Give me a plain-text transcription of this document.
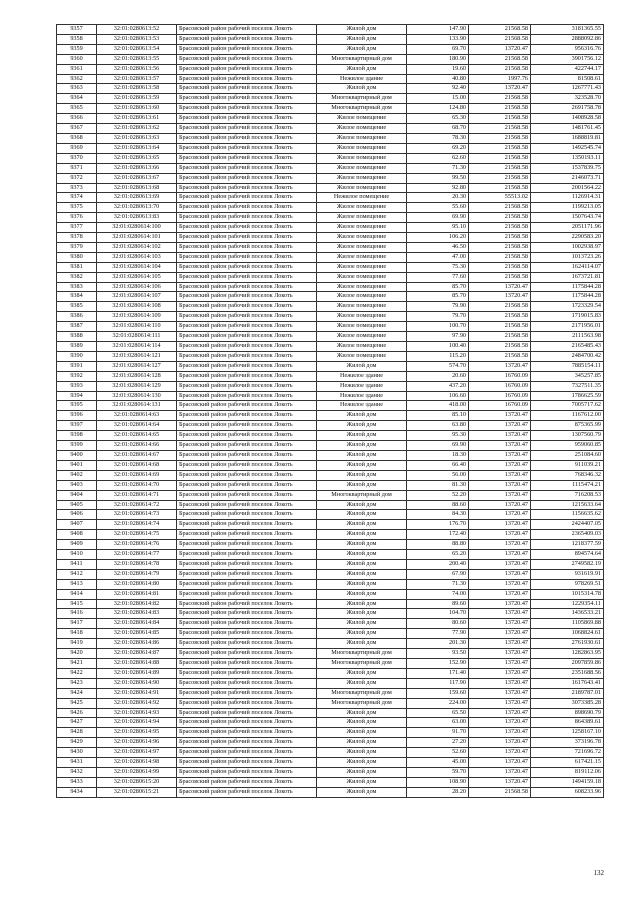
9357	32:01:0280613:52	Брасовский район рабочий поселок Локоть	Жилой дом	147.90	21568.58	3181365.55
9358	32:01:0280613:53	Брасовский район рабочий поселок Локоть	Жилой дом	133.90	21568.58	2888092.86
9359	32:01:0280613:54	Брасовский район рабочий поселок Локоть	Жилой дом	69.70	13720.47	956316.76
9360	32:01:0280613:55	Брасовский район рабочий поселок Локоть	Многоквартирный дом	180.90	21568.58	3901756.12
9361	32:01:0280613:56	Брасовский район рабочий поселок Локоть	Жилой дом	19.60	21568.58	422744.17
9362	32:01:0280613:57	Брасовский район рабочий поселок Локоть	Нежилое здание	40.80	1997.76	81508.61
9363	32:01:0280613:58	Брасовский район рабочий поселок Локоть	Жилой дом	92.40	13720.47	1267771.43
9364	32:01:0280613:59	Брасовский район рабочий поселок Локоть	Многоквартирный дом	15.00	21568.58	323528.70
9365	32:01:0280613:60	Брасовский район рабочий поселок Локоть	Многоквартирный дом	124.80	21568.58	2691758.78
9366	32:01:0280613:61	Брасовский район рабочий поселок Локоть	Жилое помещение	65.30	21568.58	1408928.58
9367	32:01:0280613:62	Брасовский район рабочий поселок Локоть	Жилое помещение	68.70	21568.58	1481761.45
9368	32:01:0280613:63	Брасовский район рабочий поселок Локоть	Жилое помещение	78.30	21568.58	1688819.81
9369	32:01:0280613:64	Брасовский район рабочий поселок Локоть	Жилое помещение	69.20	21568.58	1492545.74
9370	32:01:0280613:65	Брасовский район рабочий поселок Локоть	Жилое помещение	62.60	21568.58	1350193.11
9371	32:01:0280613:66	Брасовский район рабочий поселок Локоть	Жилое помещение	71.30	21568.58	1537839.75
9372	32:01:0280613:67	Брасовский район рабочий поселок Локоть	Жилое помещение	99.50	21568.58	2146073.71
9373	32:01:0280613:68	Брасовский район рабочий поселок Локоть	Жилое помещение	92.80	21568.58	2001564.22
9374	32:01:0280613:69	Брасовский район рабочий поселок Локоть	Нежилое помещение	20.30	55513.02	1126914.31
9375	32:01:0280613:70	Брасовский район рабочий поселок Локоть	Жилое помещение	55.60	21568.58	1199213.05
9376	32:01:0280613:83	Брасовский район рабочий поселок Локоть	Жилое помещение	69.90	21568.58	1507643.74
9377	32:01:0280614:100	Брасовский район рабочий поселок Локоть	Жилое помещение	95.10	21568.58	2051171.96
9378	32:01:0280614:101	Брасовский район рабочий поселок Локоть	Жилое помещение	106.20	21568.58	2290583.20
9379	32:01:0280614:102	Брасовский район рабочий поселок Локоть	Жилое помещение	46.50	21568.58	1002938.97
9380	32:01:0280614:103	Брасовский район рабочий поселок Локоть	Жилое помещение	47.00	21568.58	1013723.26
9381	32:01:0280614:104	Брасовский район рабочий поселок Локоть	Жилое помещение	75.30	21568.58	1624114.07
9382	32:01:0280614:105	Брасовский район рабочий поселок Локоть	Жилое помещение	77.60	21568.58	1673721.81
9383	32:01:0280614:106	Брасовский район рабочий поселок Локоть	Жилое помещение	85.70	13720.47	1175844.28
9384	32:01:0280614:107	Брасовский район рабочий поселок Локоть	Жилое помещение	85.70	13720.47	1175844.28
9385	32:01:0280614:108	Брасовский район рабочий поселок Локоть	Жилое помещение	79.90	21568.58	1723329.54
9386	32:01:0280614:109	Брасовский район рабочий поселок Локоть	Жилое помещение	79.70	21568.58	1719015.83
9387	32:01:0280614:110	Брасовский район рабочий поселок Локоть	Жилое помещение	100.70	21568.58	2171956.01
9388	32:01:0280614:111	Брасовский район рабочий поселок Локоть	Жилое помещение	97.90	21568.58	2111563.98
9389	32:01:0280614:114	Брасовский район рабочий поселок Локоть	Жилое помещение	100.40	21568.58	2165485.43
9390	32:01:0280614:121	Брасовский район рабочий поселок Локоть	Жилое помещение	115.20	21568.58	2484700.42
9391	32:01:0280614:127	Брасовский район рабочий поселок Локоть	Жилой дом	574.70	13720.47	7885154.11
9392	32:01:0280614:128	Брасовский район рабочий поселок Локоть	Нежилое здание	20.60	16760.09	345257.85
9393	32:01:0280614:129	Брасовский район рабочий поселок Локоть	Нежилое здание	437.20	16760.09	7327511.35
9394	32:01:0280614:130	Брасовский район рабочий поселок Локоть	Нежилое здание	106.60	16760.09	1786625.59
9395	32:01:0280614:131	Брасовский район рабочий поселок Локоть	Нежилое здание	418.00	16760.09	7005717.62
9396	32:01:0280614:63	Брасовский район рабочий поселок Локоть	Жилой дом	85.10	13720.47	1167612.00
9397	32:01:0280614:64	Брасовский район рабочий поселок Локоть	Жилой дом	63.80	13720.47	875365.99
9398	32:01:0280614:65	Брасовский район рабочий поселок Локоть	Жилой дом	95.30	13720.47	1307560.79
9399	32:01:0280614:66	Брасовский район рабочий поселок Локоть	Жилой дом	69.90	13720.47	959060.85
9400	32:01:0280614:67	Брасовский район рабочий поселок Локоть	Жилой дом	18.30	13720.47	251084.60
9401	32:01:0280614:68	Брасовский район рабочий поселок Локоть	Жилой дом	66.40	13720.47	911039.21
9402	32:01:0280614:69	Брасовский район рабочий поселок Локоть	Жилой дом	56.00	13720.47	768346.32
9403	32:01:0280614:70	Брасовский район рабочий поселок Локоть	Жилой дом	81.30	13720.47	1115474.21
9404	32:01:0280614:71	Брасовский район рабочий поселок Локоть	Многоквартирный дом	52.20	13720.47	716208.53
9405	32:01:0280614:72	Брасовский район рабочий поселок Локоть	Жилой дом	88.60	13720.47	1215633.64
9406	32:01:0280614:73	Брасовский район рабочий поселок Локоть	Жилой дом	84.30	13720.47	1156635.62
9407	32:01:0280614:74	Брасовский район рабочий поселок Локоть	Жилой дом	176.70	13720.47	2424407.05
9408	32:01:0280614:75	Брасовский район рабочий поселок Локоть	Жилой дом	172.40	13720.47	2365409.03
9409	32:01:0280614:76	Брасовский район рабочий поселок Локоть	Жилой дом	88.80	13720.47	1218377.59
9410	32:01:0280614:77	Брасовский район рабочий поселок Локоть	Жилой дом	65.20	13720.47	894574.64
9411	32:01:0280614:78	Брасовский район рабочий поселок Локоть	Жилой дом	200.40	13720.47	2749582.19
9412	32:01:0280614:79	Брасовский район рабочий поселок Локоть	Жилой дом	67.90	13720.47	931619.91
9413	32:01:0280614:80	Брасовский район рабочий поселок Локоть	Жилой дом	71.30	13720.47	978269.51
9414	32:01:0280614:81	Брасовский район рабочий поселок Локоть	Жилой дом	74.00	13720.47	1015314.78
9415	32:01:0280614:82	Брасовский район рабочий поселок Локоть	Жилой дом	89.60	13720.47	1229354.11
9416	32:01:0280614:83	Брасовский район рабочий поселок Локоть	Жилой дом	104.70	13720.47	1436533.21
9417	32:01:0280614:84	Брасовский район рабочий поселок Локоть	Жилой дом	80.60	13720.47	1105869.88
9418	32:01:0280614:85	Брасовский район рабочий поселок Локоть	Жилой дом	77.90	13720.47	1068824.61
9419	32:01:0280614:86	Брасовский район рабочий поселок Локоть	Жилой дом	201.30	13720.47	2761930.61
9420	32:01:0280614:87	Брасовский район рабочий поселок Локоть	Многоквартирный дом	93.50	13720.47	1282863.95
9421	32:01:0280614:88	Брасовский район рабочий поселок Локоть	Многоквартирный дом	152.90	13720.47	2097859.86
9422	32:01:0280614:89	Брасовский район рабочий поселок Локоть	Жилой дом	171.40	13720.47	2351688.56
9423	32:01:0280614:90	Брасовский район рабочий поселок Локоть	Жилой дом	117.90	13720.47	1617643.41
9424	32:01:0280614:91	Брасовский район рабочий поселок Локоть	Многоквартирный дом	159.60	13720.47	2189787.01
9425	32:01:0280614:92	Брасовский район рабочий поселок Локоть	Многоквартирный дом	224.00	13720.47	3073385.28
9426	32:01:0280614:93	Брасовский район рабочий поселок Локоть	Жилой дом	65.50	13720.47	898690.79
9427	32:01:0280614:94	Брасовский район рабочий поселок Локоть	Жилой дом	63.00	13720.47	864389.61
9428	32:01:0280614:95	Брасовский район рабочий поселок Локоть	Жилой дом	91.70	13720.47	1258167.10
9429	32:01:0280614:96	Брасовский район рабочий поселок Локоть	Жилой дом	27.20	13720.47	373196.78
9430	32:01:0280614:97	Брасовский район рабочий поселок Локоть	Жилой дом	52.60	13720.47	721696.72
9431	32:01:0280614:98	Брасовский район рабочий поселок Локоть	Жилой дом	45.00	13720.47	617421.15
9432	32:01:0280614:99	Брасовский район рабочий поселок Локоть	Жилой дом	59.70	13720.47	819112.06
9433	32:01:0280615:20	Брасовский район рабочий поселок Локоть	Жилой дом	108.90	13720.47	1494159.18
9434	32:01:0280615:21	Брасовский район рабочий поселок Локоть	Жилой дом	28.20	21568.58	608233.96
132
